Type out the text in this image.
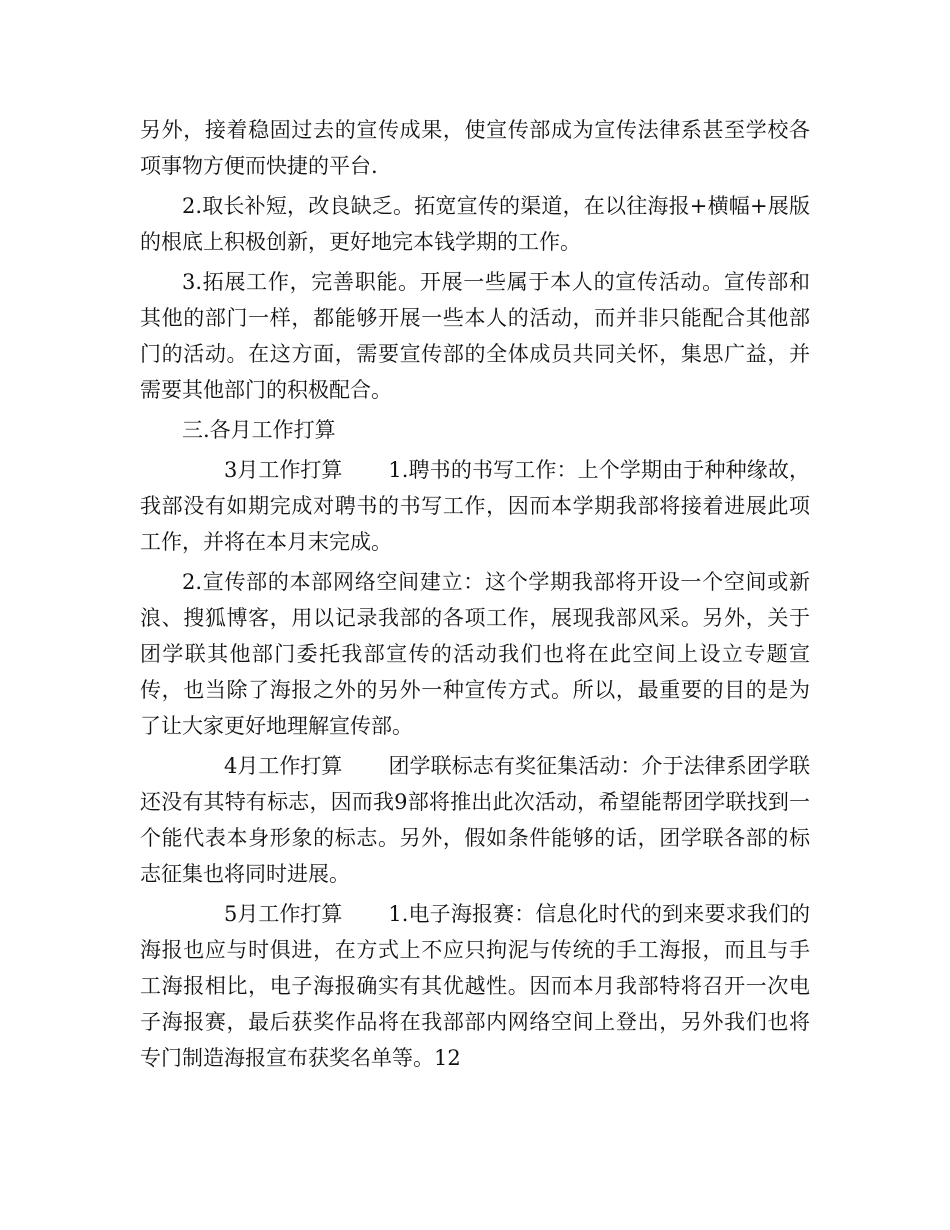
另外，接着稳固过去的宣传成果，使宣传部成为宣传法律系甚至学校各项事物方便而快捷的平台.

2.取长补短，改良缺乏。拓宽宣传的渠道，在以往海报+横幅+展版的根底上积极创新，更好地完本钱学期的工作。

3.拓展工作，完善职能。开展一些属于本人的宣传活动。宣传部和其他的部门一样，都能够开展一些本人的活动，而并非只能配合其他部门的活动。在这方面，需要宣传部的全体成员共同关怀，集思广益，并需要其他部门的积极配合。

三.各月工作打算

3月工作打算 1.聘书的书写工作：上个学期由于种种缘故，我部没有如期完成对聘书的书写工作，因而本学期我部将接着进展此项工作，并将在本月末完成。

2.宣传部的本部网络空间建立：这个学期我部将开设一个空间或新浪、搜狐博客，用以记录我部的各项工作，展现我部风采。另外，关于团学联其他部门委托我部宣传的活动我们也将在此空间上设立专题宣传，也当除了海报之外的另外一种宣传方式。所以，最重要的目的是为了让大家更好地理解宣传部。

4月工作打算 团学联标志有奖征集活动：介于法律系团学联还没有其特有标志，因而我9部将推出此次活动，希望能帮团学联找到一个能代表本身形象的标志。另外，假如条件能够的话，团学联各部的标志征集也将同时进展。

5月工作打算 1.电子海报赛：信息化时代的到来要求我们的海报也应与时俱进，在方式上不应只拘泥与传统的手工海报，而且与手工海报相比，电子海报确实有其优越性。因而本月我部特将召开一次电子海报赛，最后获奖作品将在我部部内网络空间上登出，另外我们也将专门制造海报宣布获奖名单等。12
